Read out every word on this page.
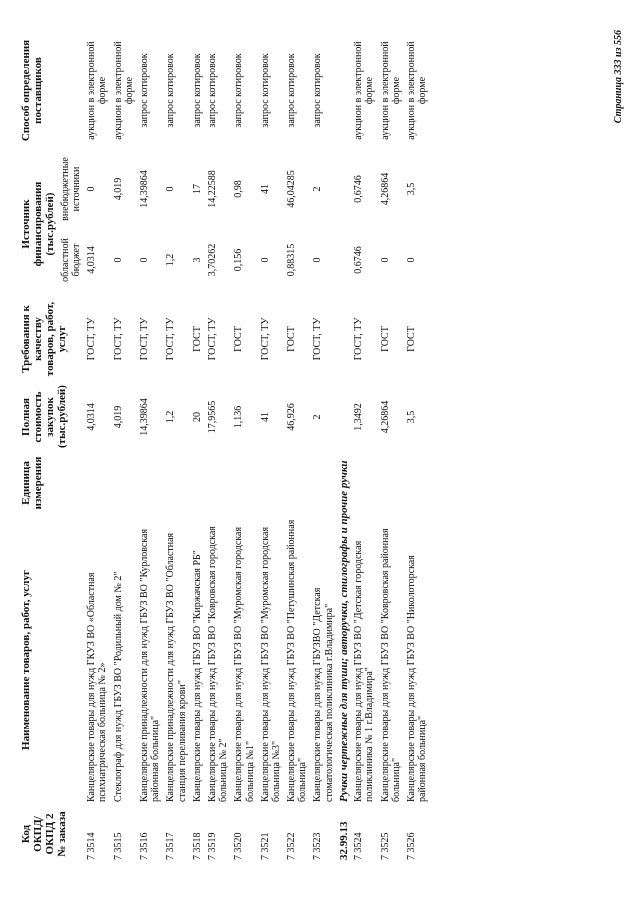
Код ОКПД/ ОКПД 2 № заказа	Наименование товаров, работ, услуг	Единица измерения	Полная стоимость закупок (тыс.рублей)	Требования к качеству товаров, работ, услуг	Источник финансирования (тыс.рублей)		Способ определения поставщиков
					областной бюджет	внебюджетные источники	
7 3514	Канцелярские товары для нужд ГКУЗ ВО «Областная психиатрическая больница № 2»		4,0314	ГОСТ, ТУ	4,0314	0	аукцион в электронной форме
7 3515	Стеклограф для нужд ГБУЗ ВО "Родильный дом № 2"		4,019	ГОСТ, ТУ	0	4,019	аукцион в электронной форме
7 3516	Канцелярские принадлежности для нужд ГБУЗ ВО "Курловская районная больница"		14,39864	ГОСТ, ТУ	0	14,39864	запрос котировок
7 3517	Канцелярские принадлежности для нужд ГБУЗ ВО "Областная станция переливания крови"		1,2	ГОСТ, ТУ	1,2	0	запрос котировок
7 3518	Канцелярские товары для нужд ГБУЗ ВО "Киржачская РБ"		20	ГОСТ	3	17	запрос котировок
7 3519	Канцелярские товары для нужд ГБУЗ ВО "Ковровская городская больница № 2"		17,9565	ГОСТ, ТУ	3,70262	14,22588	запрос котировок
7 3520	Канцелярские товары для нужд ГБУЗ ВО "Муромская городская больница №1"		1,136	ГОСТ	0,156	0,98	запрос котировок
7 3521	Канцелярские товары для нужд ГБУЗ ВО "Муромская городская больница №3"		41	ГОСТ, ТУ	0	41	запрос котировок
7 3522	Канцелярские товары для нужд ГБУЗ ВО "Петушинская районная больница"		46,926	ГОСТ	0,88315	46,04285	запрос котировок
7 3523	Канцелярские товары для нужд ГБУЗВО "Детская стоматологическая поликлиника г.Владимира"		2	ГОСТ, ТУ	0	2	запрос котировок
32.99.13	Ручки чертежные для туши; авторучки, стилографы и прочие ручки						
7 3524	Канцелярские товары для нужд ГБУЗ ВО "Детская городская поликлиника № 1 г.Владимира"		1,3492	ГОСТ, ТУ	0,6746	0,6746	аукцион в электронной форме
7 3525	Канцелярские товары для нужд ГБУЗ ВО "Ковровская районная больница"		4,26864	ГОСТ	0	4,26864	аукцион в электронной форме
7 3526	Канцелярские товары для нужд ГБУЗ ВО "Николоторская районная больница"		3,5	ГОСТ	0	3,5	аукцион в электронной форме	Страница 333 из 556
